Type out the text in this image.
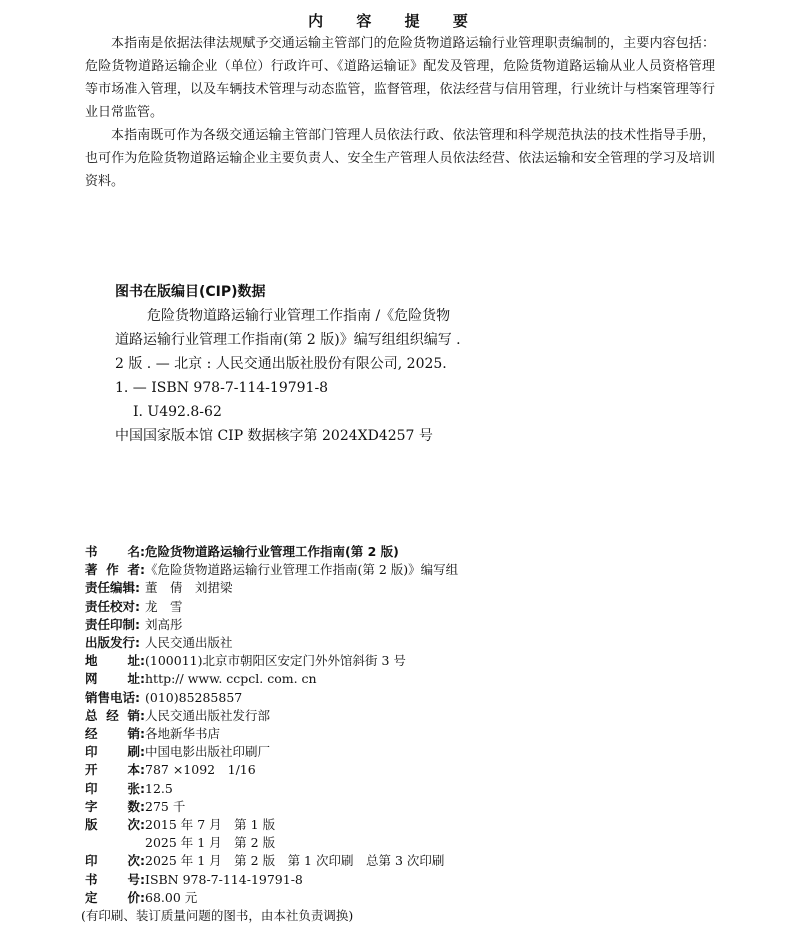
内 容 提 要

本指南是依据法律法规赋予交通运输主管部门的危险货物道路运输行业管理职责编制的，主要内容包括：危险货物道路运输企业（单位）行政许可、《道路运输证》配发及管理，危险货物道路运输从业人员资格管理等市场准入管理，以及车辆技术管理与动态监管，监督管理，依法经营与信用管理，行业统计与档案管理等行业日常监管。

本指南既可作为各级交通运输主管部门管理人员依法行政、依法管理和科学规范执法的技术性指导手册，也可作为危险货物道路运输企业主要负责人、安全生产管理人员依法经营、依法运输和安全管理的学习及培训资料。

图书在版编目(CIP)数据
危险货物道路运输行业管理工作指南 /《危险货物
道路运输行业管理工作指南(第 2 版)》编写组组织编写 .
2 版 . — 北京 : 人民交通出版社股份有限公司, 2025.
1. — ISBN 978-7-114-19791-8
Ⅰ. U492.8-62
中国国家版本馆 CIP 数据核字第 2024XD4257 号
书 名: 危险货物道路运输行业管理工作指南(第 2 版)
著 作 者: 《危险货物道路运输行业管理工作指南(第 2 版)》编写组
责任编辑: 董　倩　刘捃梁
责任校对: 龙　雪
责任印制: 刘高彤
出版发行: 人民交通出版社
地 址: (100011)北京市朝阳区安定门外外馆斜街 3 号
网 址: http:// www. ccpcl. com. cn
销售电话: (010)85285857
总 经 销: 人民交通出版社发行部
经 销: 各地新华书店
印 刷: 中国电影出版社印刷厂
开 本: 787 ×1092　1/16
印 张: 12.5
字 数: 275 千
版 次: 2015 年 7 月　第 1 版
2025 年 1 月　第 2 版
印 次: 2025 年 1 月　第 2 版　第 1 次印刷　总第 3 次印刷
书 号: ISBN 978-7-114-19791-8
定 价: 68.00 元
(有印刷、装订质量问题的图书，由本社负责调换)
